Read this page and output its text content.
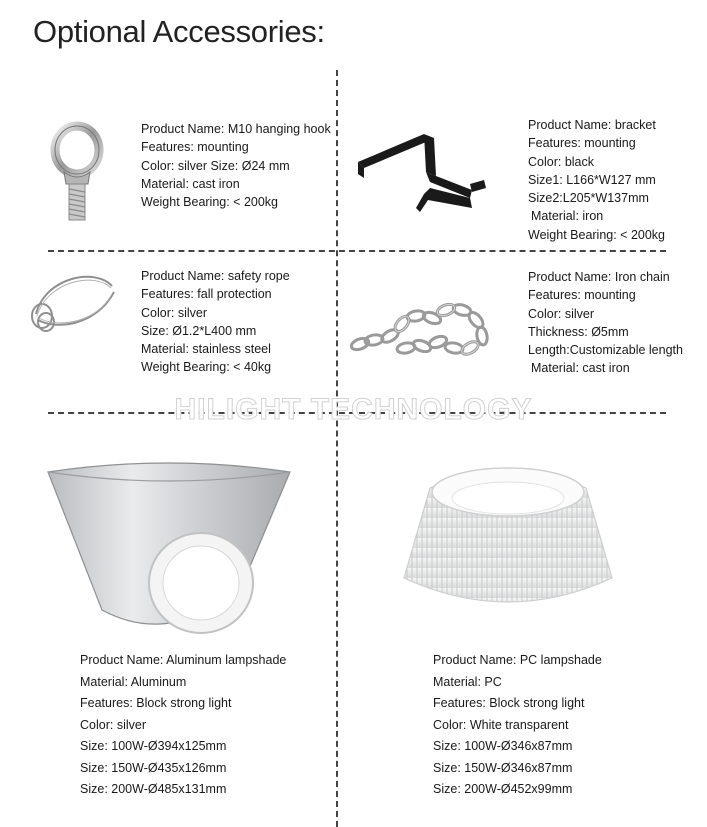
Optional Accessories:
Product Name: M10 hanging hook
Features: mounting
Color: silver Size: Ø24 mm
Material: cast iron
Weight Bearing: < 200kg
Product Name: bracket
Features: mounting
Color: black
Size1: L166*W127 mm
Size2:L205*W137mm
Material: iron
Weight Bearing: < 200kg
Product Name: safety rope
Features: fall protection
Color: silver
Size: Ø1.2*L400 mm
Material: stainless steel
Weight Bearing: < 40kg
Product Name: Iron chain
Features: mounting
Color: silver
Thickness: Ø5mm
Length:Customizable length
Material: cast iron
Product Name: Aluminum lampshade
Material: Aluminum
Features: Block strong light
Color: silver
Size: 100W-Ø394x125mm
Size: 150W-Ø435x126mm
Size: 200W-Ø485x131mm
Product Name: PC lampshade
Material: PC
Features: Block strong light
Color: White transparent
Size: 100W-Ø346x87mm
Size: 150W-Ø346x87mm
Size: 200W-Ø452x99mm
HILIGHT TECHNOLOGY
